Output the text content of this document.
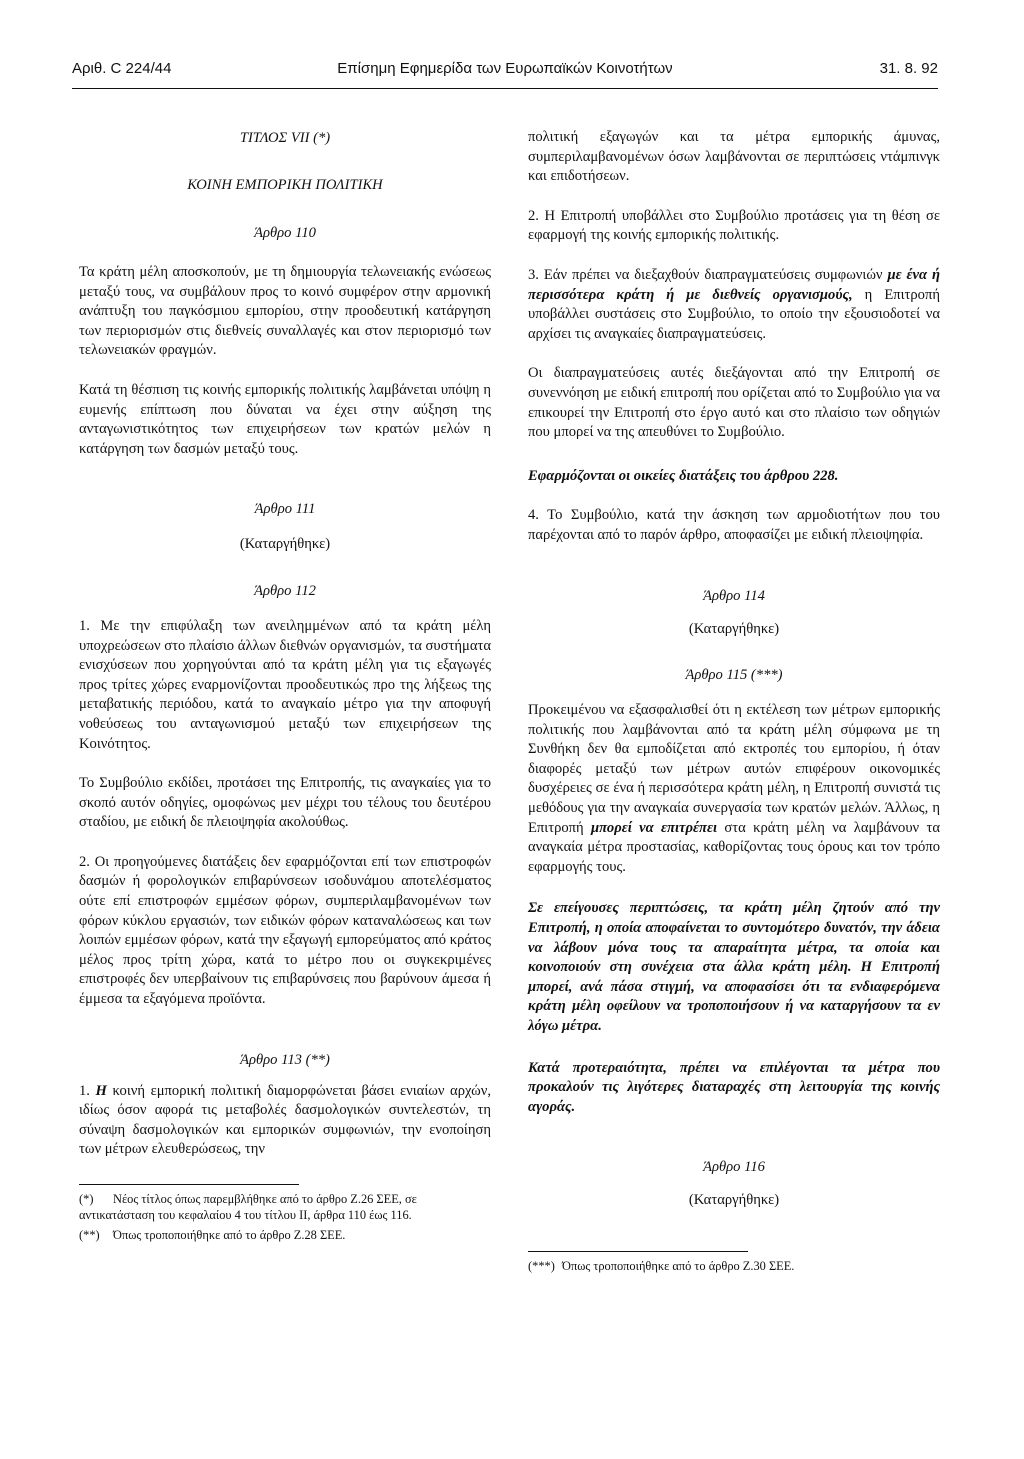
Αριθ. C 224/44	Επίσημη Εφημερίδα των Ευρωπαϊκών Κοινοτήτων	31. 8. 92

ΤΙΤΛΟΣ VII (*)

ΚΟΙΝΗ ΕΜΠΟΡΙΚΗ ΠΟΛΙΤΙΚΗ

Άρθρο 110

Τα κράτη μέλη αποσκοπούν, με τη δημιουργία τελωνειακής ενώσεως μεταξύ τους, να συμβάλουν προς το κοινό συμφέρον στην αρμονική ανάπτυξη του παγκόσμιου εμπορίου, στην προοδευτική κατάργηση των περιορισμών στις διεθνείς συναλλαγές και στον περιορισμό των τελωνειακών φραγμών.

Κατά τη θέσπιση τις κοινής εμπορικής πολιτικής λαμβάνεται υπόψη η ευμενής επίπτωση που δύναται να έχει στην αύξηση της ανταγωνιστικότητος των επιχειρήσεων των κρατών μελών η κατάργηση των δασμών μεταξύ τους.

Άρθρο 111

(Καταργήθηκε)

Άρθρο 112

1. Με την επιφύλαξη των ανειλημμένων από τα κράτη μέλη υποχρεώσεων στο πλαίσιο άλλων διεθνών οργανισμών, τα συστήματα ενισχύσεων που χορηγούνται από τα κράτη μέλη για τις εξαγωγές προς τρίτες χώρες εναρμονίζονται προοδευτικώς προ της λήξεως της μεταβατικής περιόδου, κατά το αναγκαίο μέτρο για την αποφυγή νοθεύσεως του ανταγωνισμού μεταξύ των επιχειρήσεων της Κοινότητος.

Το Συμβούλιο εκδίδει, προτάσει της Επιτροπής, τις αναγκαίες για το σκοπό αυτόν οδηγίες, ομοφώνως μεν μέχρι του τέλους του δευτέρου σταδίου, με ειδική δε πλειοψηφία ακολούθως.

2. Οι προηγούμενες διατάξεις δεν εφαρμόζονται επί των επιστροφών δασμών ή φορολογικών επιβαρύνσεων ισοδυνάμου αποτελέσματος ούτε επί επιστροφών εμμέσων φόρων, συμπεριλαμβανομένων των φόρων κύκλου εργασιών, των ειδικών φόρων καταναλώσεως και των λοιπών εμμέσων φόρων, κατά την εξαγωγή εμπορεύματος από κράτος μέλος προς τρίτη χώρα, κατά το μέτρο που οι συγκεκριμένες επιστροφές δεν υπερβαίνουν τις επιβαρύνσεις που βαρύνουν άμεσα ή έμμεσα τα εξαγόμενα προϊόντα.

Άρθρο 113 (**)

1. Η κοινή εμπορική πολιτική διαμορφώνεται βάσει ενιαίων αρχών, ιδίως όσον αφορά τις μεταβολές δασμολογικών συντελεστών, τη σύναψη δασμολογικών και εμπορικών συμφωνιών, την ενοποίηση των μέτρων ελευθερώσεως, την

(*) Νέος τίτλος όπως παρεμβλήθηκε από το άρθρο Z.26 ΣΕΕ, σε αντικατάσταση του κεφαλαίου 4 του τίτλου II, άρθρα 110 έως 116.

(**) Όπως τροποποιήθηκε από το άρθρο Z.28 ΣΕΕ.

πολιτική εξαγωγών και τα μέτρα εμπορικής άμυνας, συμπεριλαμβανομένων όσων λαμβάνονται σε περιπτώσεις ντάμπινγκ και επιδοτήσεων.

2. Η Επιτροπή υποβάλλει στο Συμβούλιο προτάσεις για τη θέση σε εφαρμογή της κοινής εμπορικής πολιτικής.

3. Εάν πρέπει να διεξαχθούν διαπραγματεύσεις συμφωνιών με ένα ή περισσότερα κράτη ή με διεθνείς οργανισμούς, η Επιτροπή υποβάλλει συστάσεις στο Συμβούλιο, το οποίο την εξουσιοδοτεί να αρχίσει τις αναγκαίες διαπραγματεύσεις.

Οι διαπραγματεύσεις αυτές διεξάγονται από την Επιτροπή σε συνεννόηση με ειδική επιτροπή που ορίζεται από το Συμβούλιο για να επικουρεί την Επιτροπή στο έργο αυτό και στο πλαίσιο των οδηγιών που μπορεί να της απευθύνει το Συμβούλιο.

Εφαρμόζονται οι οικείες διατάξεις του άρθρου 228.

4. Το Συμβούλιο, κατά την άσκηση των αρμοδιοτήτων που του παρέχονται από το παρόν άρθρο, αποφασίζει με ειδική πλειοψηφία.

Άρθρο 114

(Καταργήθηκε)

Άρθρο 115 (***)

Προκειμένου να εξασφαλισθεί ότι η εκτέλεση των μέτρων εμπορικής πολιτικής που λαμβάνονται από τα κράτη μέλη σύμφωνα με τη Συνθήκη δεν θα εμποδίζεται από εκτροπές του εμπορίου, ή όταν διαφορές μεταξύ των μέτρων αυτών επιφέρουν οικονομικές δυσχέρειες σε ένα ή περισσότερα κράτη μέλη, η Επιτροπή συνιστά τις μεθόδους για την αναγκαία συνεργασία των κρατών μελών. Άλλως, η Επιτροπή μπορεί να επιτρέπει στα κράτη μέλη να λαμβάνουν τα αναγκαία μέτρα προστασίας, καθορίζοντας τους όρους και τον τρόπο εφαρμογής τους.

Σε επείγουσες περιπτώσεις, τα κράτη μέλη ζητούν από την Επιτροπή, η οποία αποφαίνεται το συντομότερο δυνατόν, την άδεια να λάβουν μόνα τους τα απαραίτητα μέτρα, τα οποία και κοινοποιούν στη συνέχεια στα άλλα κράτη μέλη. Η Επιτροπή μπορεί, ανά πάσα στιγμή, να αποφασίσει ότι τα ενδιαφερόμενα κράτη μέλη οφείλουν να τροποποιήσουν ή να καταργήσουν τα εν λόγω μέτρα.

Κατά προτεραιότητα, πρέπει να επιλέγονται τα μέτρα που προκαλούν τις λιγότερες διαταραχές στη λειτουργία της κοινής αγοράς.

Άρθρο 116

(Καταργήθηκε)

(***) Όπως τροποποιήθηκε από το άρθρο Z.30 ΣΕΕ.
